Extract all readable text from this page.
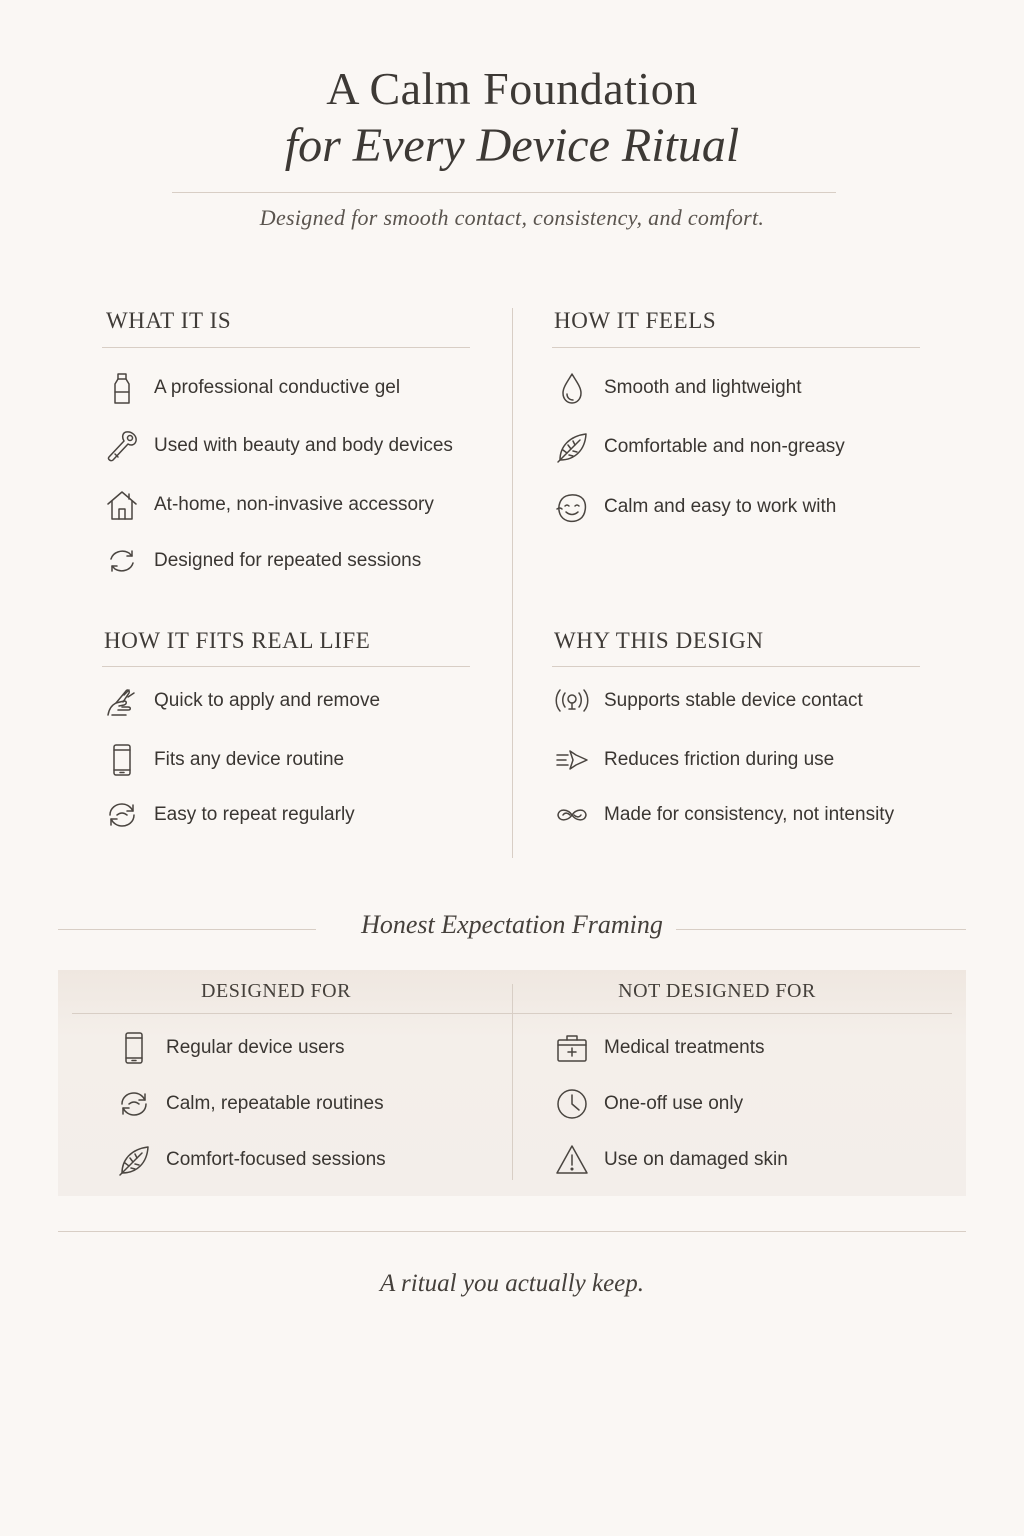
A Calm Foundation
for Every Device Ritual
Designed for smooth contact, consistency, and comfort.
WHAT IT IS
A professional conductive gel
Used with beauty and body devices
At-home, non-invasive accessory
Designed for repeated sessions
HOW IT FEELS
Smooth and lightweight
Comfortable and non-greasy
Calm and easy to work with
HOW IT FITS REAL LIFE
Quick to apply and remove
Fits any device routine
Easy to repeat regularly
WHY THIS DESIGN
Supports stable device contact
Reduces friction during use
Made for consistency, not intensity
Honest Expectation Framing
DESIGNED FOR	NOT DESIGNED FOR
Regular device users
Calm, repeatable routines
Comfort-focused sessions
Medical treatments
One-off use only
Use on damaged skin
A ritual you actually keep.
